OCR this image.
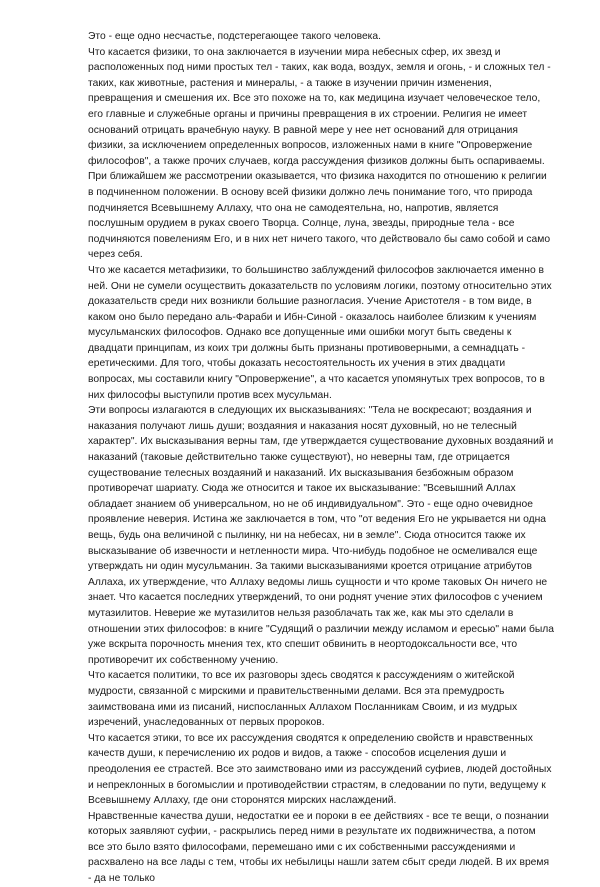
Это - еще одно несчастье, подстерегающее такого человека.

Что касается физики, то она заключается в изучении мира небесных сфер, их звезд и расположенных под ними простых тел - таких, как вода, воздух, земля и огонь, - и сложных тел - таких, как животные, растения и минералы, - а также в изучении причин изменения, превращения и смешения их. Все это похоже на то, как медицина изучает человеческое тело, его главные и служебные органы и причины превращения в их строении. Религия не имеет оснований отрицать врачебную науку. В равной мере у нее нет оснований для отрицания физики, за исключением определенных вопросов, изложенных нами в книге "Опровержение философов", а также прочих случаев, когда рассуждения физиков должны быть оспариваемы. При ближайшем же рассмотрении оказывается, что физика находится по отношению к религии в подчиненном положении. В основу всей физики должно лечь понимание того, что природа подчиняется Всевышнему Аллаху, что она не самодеятельна, но, напротив, является послушным орудием в руках своего Творца. Солнце, луна, звезды, природные тела - все подчиняются повелениям Его, и в них нет ничего такого, что действовало бы само собой и само через себя.

Что же касается метафизики, то большинство заблуждений философов заключается именно в ней. Они не сумели осуществить доказательств по условиям логики, поэтому относительно этих доказательств среди них возникли большие разногласия. Учение Аристотеля - в том виде, в каком оно было передано аль-Фараби и Ибн-Синой - оказалось наиболее близким к учениям мусульманских философов. Однако все допущенные ими ошибки могут быть сведены к двадцати принципам, из коих три должны быть признаны противоверными, а семнадцать - еретическими. Для того, чтобы доказать несостоятельность их учения в этих двадцати вопросах, мы составили книгу "Опровержение", а что касается упомянутых трех вопросов, то в них философы выступили против всех мусульман.

Эти вопросы излагаются в следующих их высказываниях: "Тела не воскресают; воздаяния и наказания получают лишь души; воздаяния и наказания носят духовный, но не телесный характер". Их высказывания верны там, где утверждается существование духовных воздаяний и наказаний (таковые действительно также существуют), но неверны там, где отрицается существование телесных воздаяний и наказаний. Их высказывания безбожным образом противоречат шариату. Сюда же относится и такое их высказывание: "Всевышний Аллах обладает знанием об универсальном, но не об индивидуальном". Это - еще одно очевидное проявление неверия. Истина же заключается в том, что "от ведения Его не укрывается ни одна вещь, будь она величиной с пылинку, ни на небесах, ни в земле". Сюда относится также их высказывание об извечности и нетленности мира. Что-нибудь подобное не осмеливался еще утверждать ни один мусульманин. За такими высказываниями кроется отрицание атрибутов Аллаха, их утверждение, что Аллаху ведомы лишь сущности и что кроме таковых Он ничего не знает. Что касается последних утверждений, то они роднят учение этих философов с учением мутазилитов. Неверие же мутазилитов нельзя разоблачать так же, как мы это сделали в отношении этих философов: в книге "Судящий о различии между исламом и ересью" нами была уже вскрыта порочность мнения тех, кто спешит обвинить в неортодоксальности все, что противоречит их собственному учению.

Что касается политики, то все их разговоры здесь сводятся к рассуждениям о житейской мудрости, связанной с мирскими и правительственными делами. Вся эта премудрость заимствована ими из писаний, ниспосланных Аллахом Посланникам Своим, и из мудрых изречений, унаследованных от первых пророков.

Что касается этики, то все их рассуждения сводятся к определению свойств и нравственных качеств души, к перечислению их родов и видов, а также - способов исцеления души и преодоления ее страстей. Все это заимствовано ими из рассуждений суфиев, людей достойных и непреклонных в богомыслии и противодействии страстям, в следовании по пути, ведущему к Всевышнему Аллаху, где они сторонятся мирских наслаждений.

Нравственные качества души, недостатки ее и пороки в ее действиях - все те вещи, о познании которых заявляют суфии, - раскрылись перед ними в результате их подвижничества, а потом все это было взято философами, перемешано ими с их собственными рассуждениями и расхвалено на все лады с тем, чтобы их небылицы нашли затем сбыт среди людей. В их время - да не только
